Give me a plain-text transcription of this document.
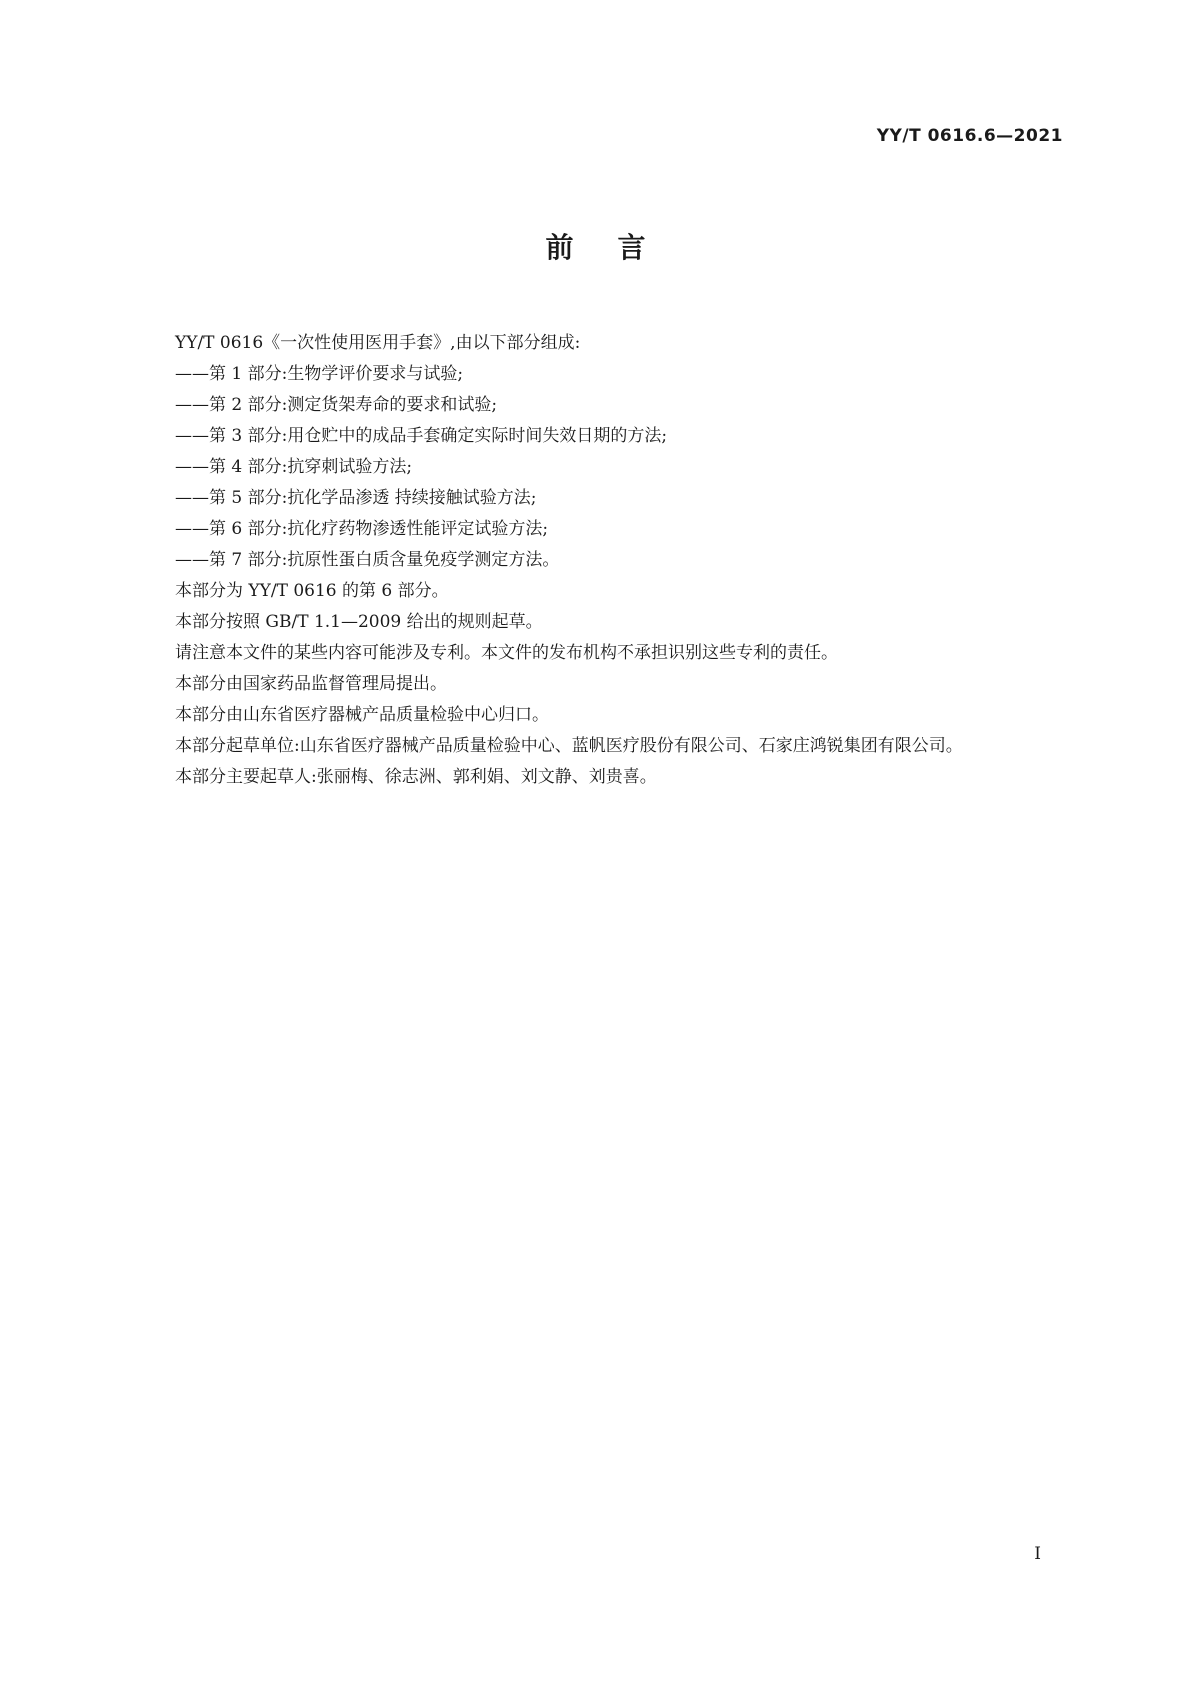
YY/T 0616.6—2021
前言

YY/T 0616《一次性使用医用手套》,由以下部分组成:

——第 1 部分:生物学评价要求与试验;

——第 2 部分:测定货架寿命的要求和试验;

——第 3 部分:用仓贮中的成品手套确定实际时间失效日期的方法;

——第 4 部分:抗穿刺试验方法;

——第 5 部分:抗化学品渗透 持续接触试验方法;

——第 6 部分:抗化疗药物渗透性能评定试验方法;

——第 7 部分:抗原性蛋白质含量免疫学测定方法。

本部分为 YY/T 0616 的第 6 部分。

本部分按照 GB/T 1.1—2009 给出的规则起草。

请注意本文件的某些内容可能涉及专利。本文件的发布机构不承担识别这些专利的责任。

本部分由国家药品监督管理局提出。

本部分由山东省医疗器械产品质量检验中心归口。

本部分起草单位:山东省医疗器械产品质量检验中心、蓝帆医疗股份有限公司、石家庄鸿锐集团有限公司。

本部分主要起草人:张丽梅、徐志洲、郭利娟、刘文静、刘贵喜。

I
